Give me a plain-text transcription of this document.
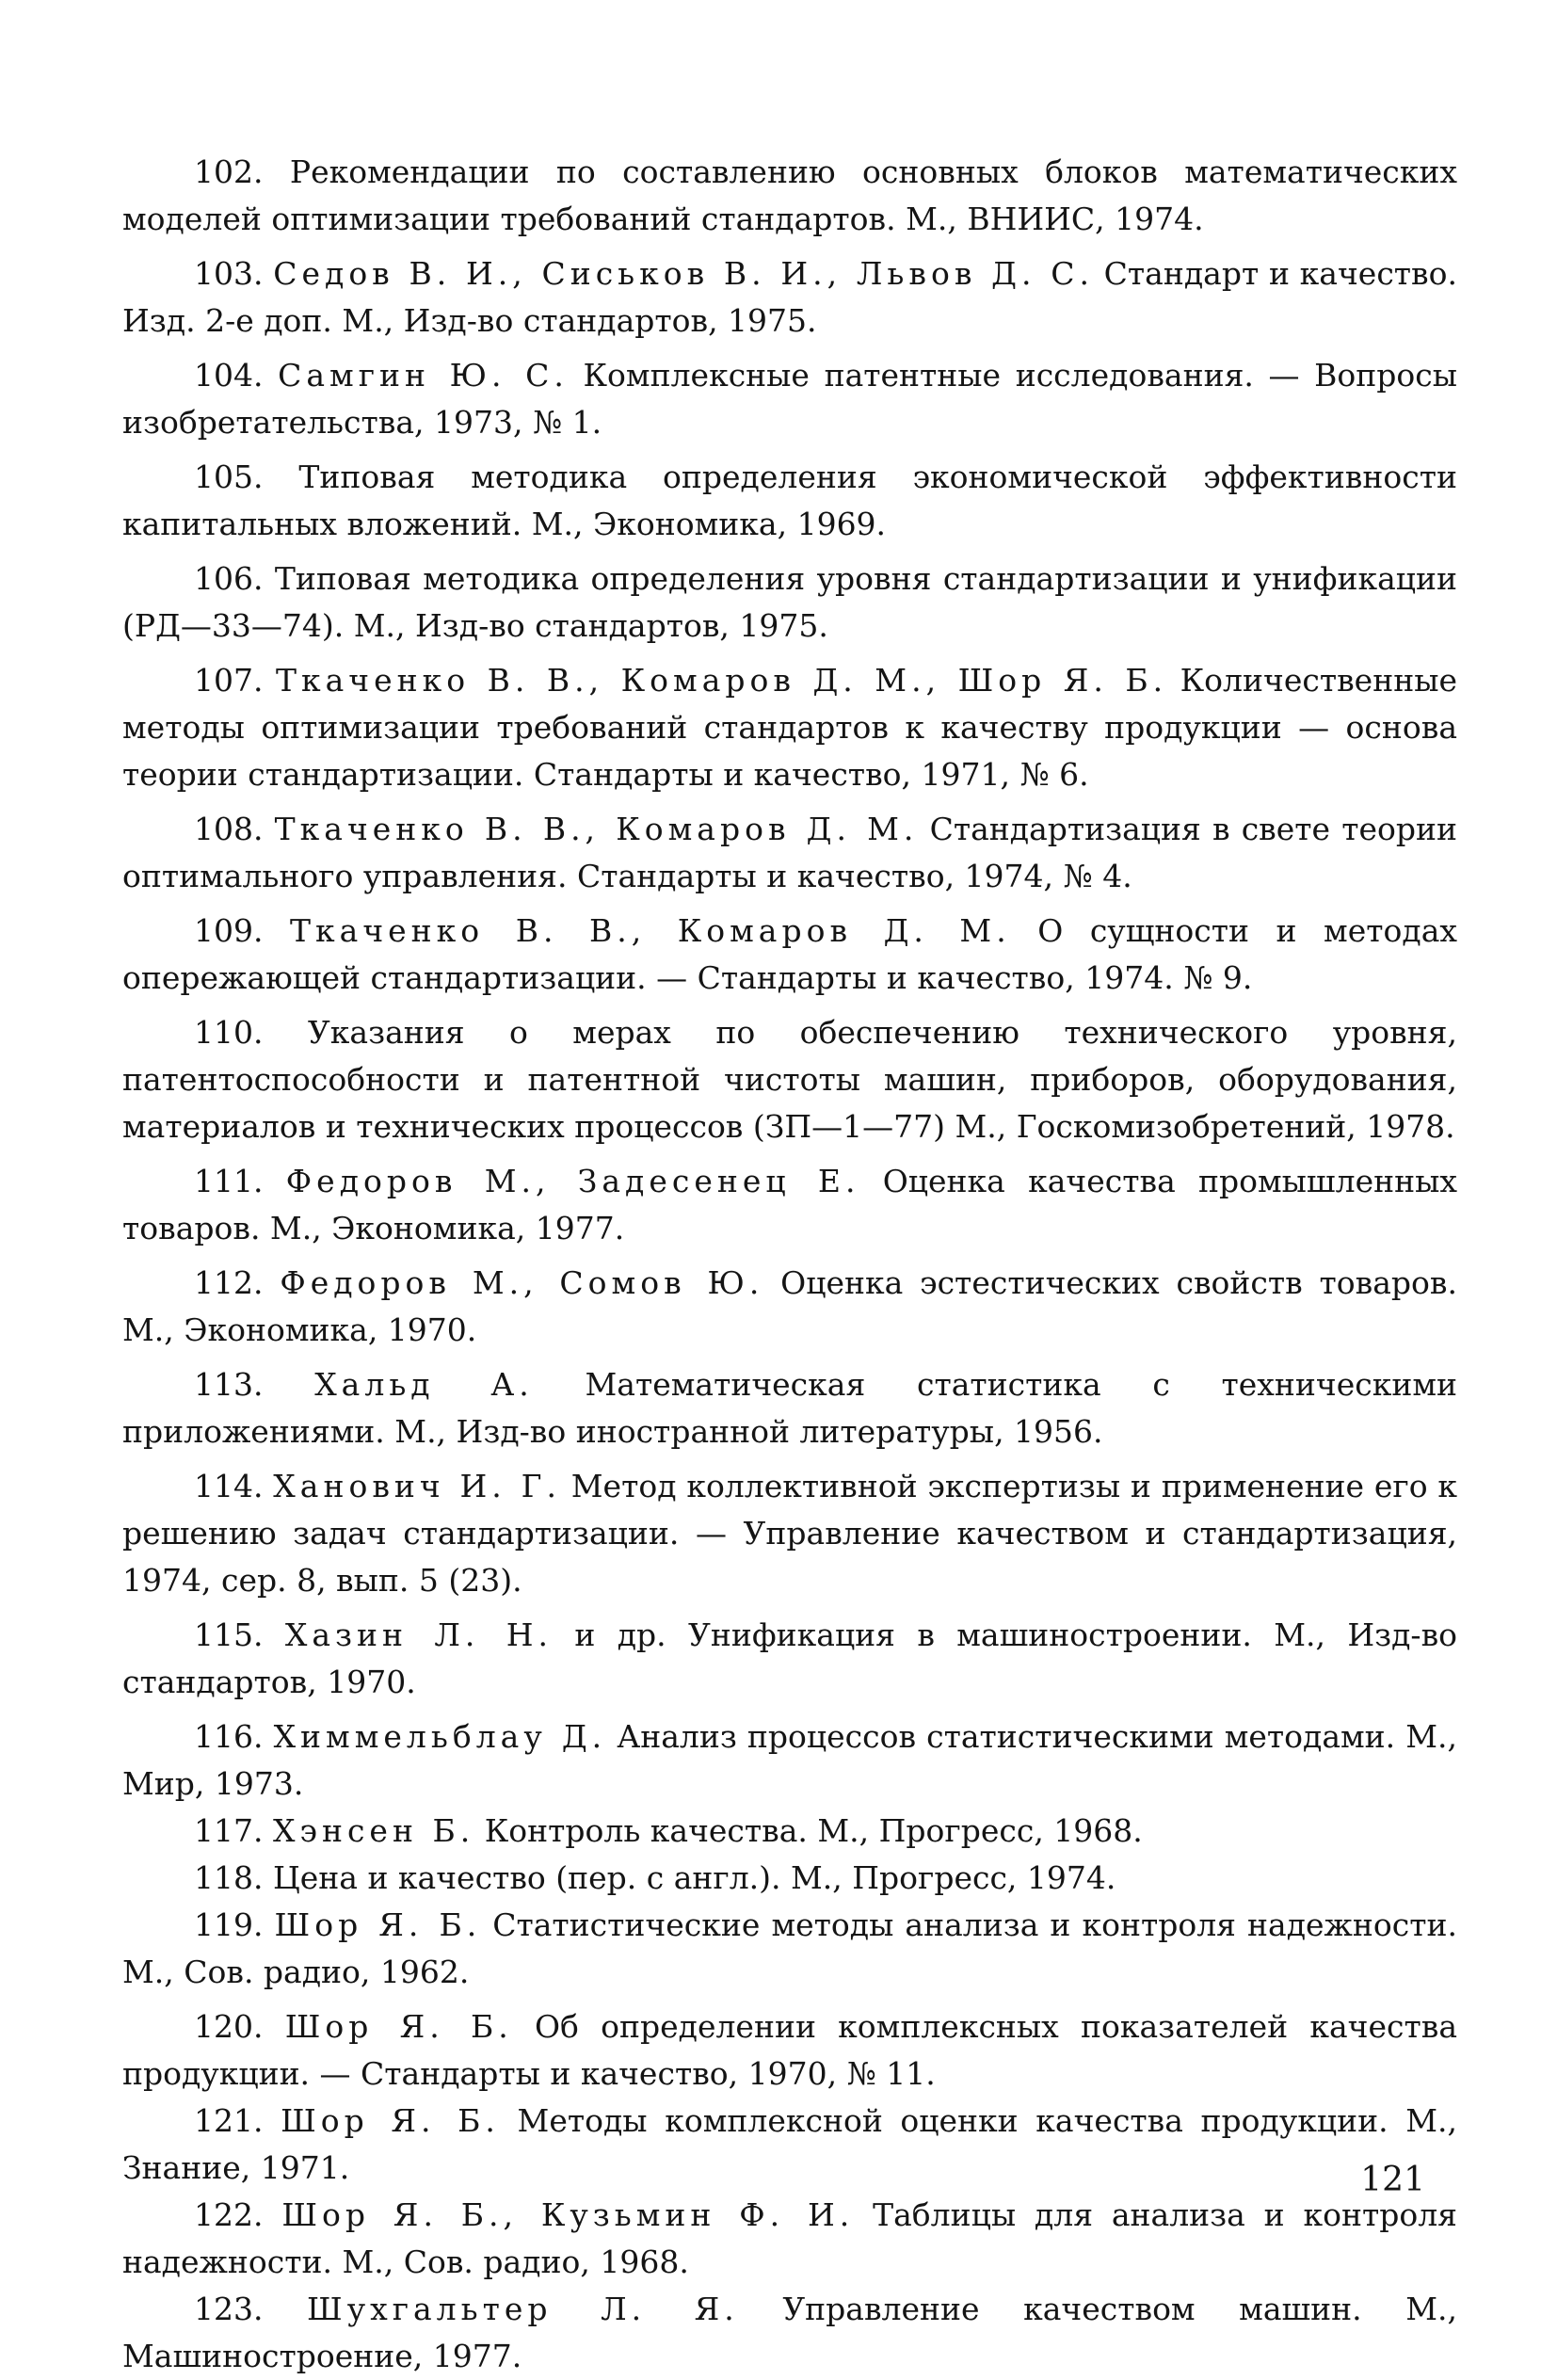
102. Рекомендации по составлению основных блоков математических моделей оптимизации требований стандартов. М., ВНИИС, 1974.

103. Седов В. И., Сиськов В. И., Львов Д. С. Стандарт и качество. Изд. 2-е доп. М., Изд-во стандартов, 1975.

104. Самгин Ю. С. Комплексные патентные исследования. — Вопросы изобретательства, 1973, № 1.

105. Типовая методика определения экономической эффективности капитальных вложений. М., Экономика, 1969.

106. Типовая методика определения уровня стандартизации и унификации (РД—33—74). М., Изд-во стандартов, 1975.

107. Ткаченко В. В., Комаров Д. М., Шор Я. Б. Количественные методы оптимизации требований стандартов к качеству продукции — основа теории стандартизации. Стандарты и качество, 1971, № 6.

108. Ткаченко В. В., Комаров Д. М. Стандартизация в свете теории оптимального управления. Стандарты и качество, 1974, № 4.

109. Ткаченко В. В., Комаров Д. М. О сущности и методах опережающей стандартизации. — Стандарты и качество, 1974. № 9.

110. Указания о мерах по обеспечению технического уровня, патентоспособности и патентной чистоты машин, приборов, оборудования, материалов и технических процессов (ЗП—1—77) М., Госкомизобретений, 1978.

111. Федоров М., Задесенец Е. Оценка качества промышленных товаров. М., Экономика, 1977.

112. Федоров М., Сомов Ю. Оценка эстестических свойств товаров. М., Экономика, 1970.

113. Хальд А. Математическая статистика с техническими приложениями. М., Изд-во иностранной литературы, 1956.

114. Ханович И. Г. Метод коллективной экспертизы и применение его к решению задач стандартизации. — Управление качеством и стандартизация, 1974, сер. 8, вып. 5 (23).

115. Хазин Л. Н. и др. Унификация в машиностроении. М., Изд-во стандартов, 1970.

116. Химмельблау Д. Анализ процессов статистическими методами. М., Мир, 1973.

117. Хэнсен Б. Контроль качества. М., Прогресс, 1968.

118. Цена и качество (пер. с англ.). М., Прогресс, 1974.

119. Шор Я. Б. Статистические методы анализа и контроля надежности. М., Сов. радио, 1962.

120. Шор Я. Б. Об определении комплексных показателей качества продукции. — Стандарты и качество, 1970, № 11.

121. Шор Я. Б. Методы комплексной оценки качества продукции. М., Знание, 1971.

122. Шор Я. Б., Кузьмин Ф. И. Таблицы для анализа и контроля надежности. М., Сов. радио, 1968.

123. Шухгальтер Л. Я. Управление качеством машин. М., Машиностроение, 1977.

121
